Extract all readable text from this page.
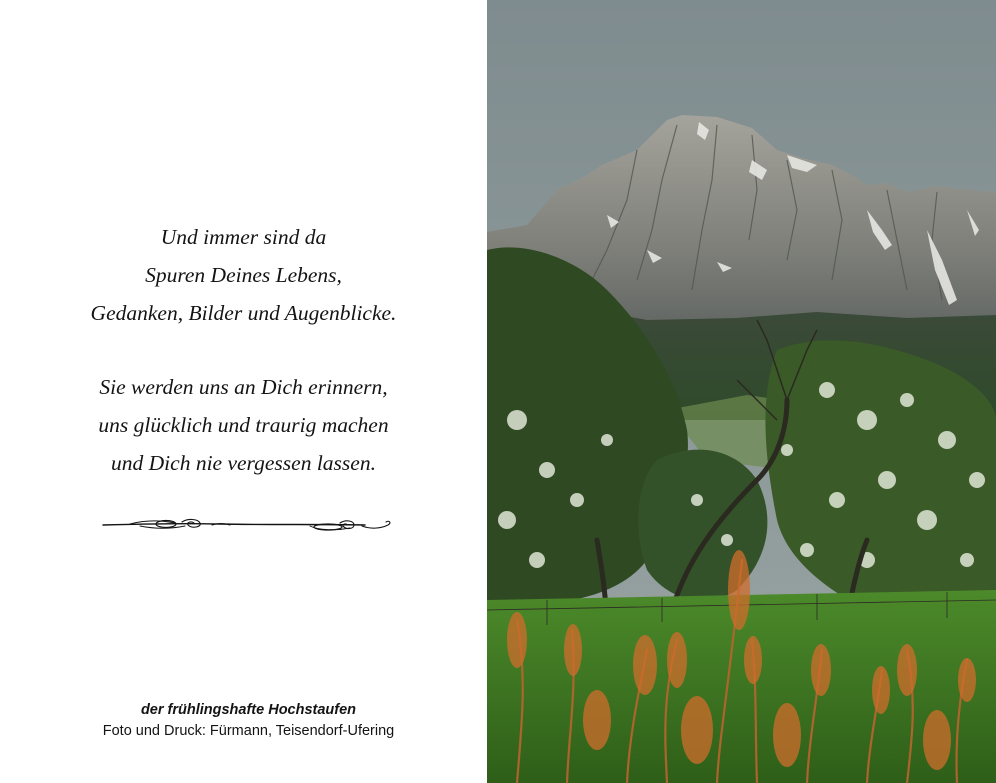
Und immer sind da
Spuren Deines Lebens,
Gedanken, Bilder und Augenblicke.
Sie werden uns an Dich erinnern,
uns glücklich und traurig machen
und Dich nie vergessen lassen.
der frühlingshafte Hochstaufen
Foto und Druck: Fürmann, Teisendorf-Ufering
